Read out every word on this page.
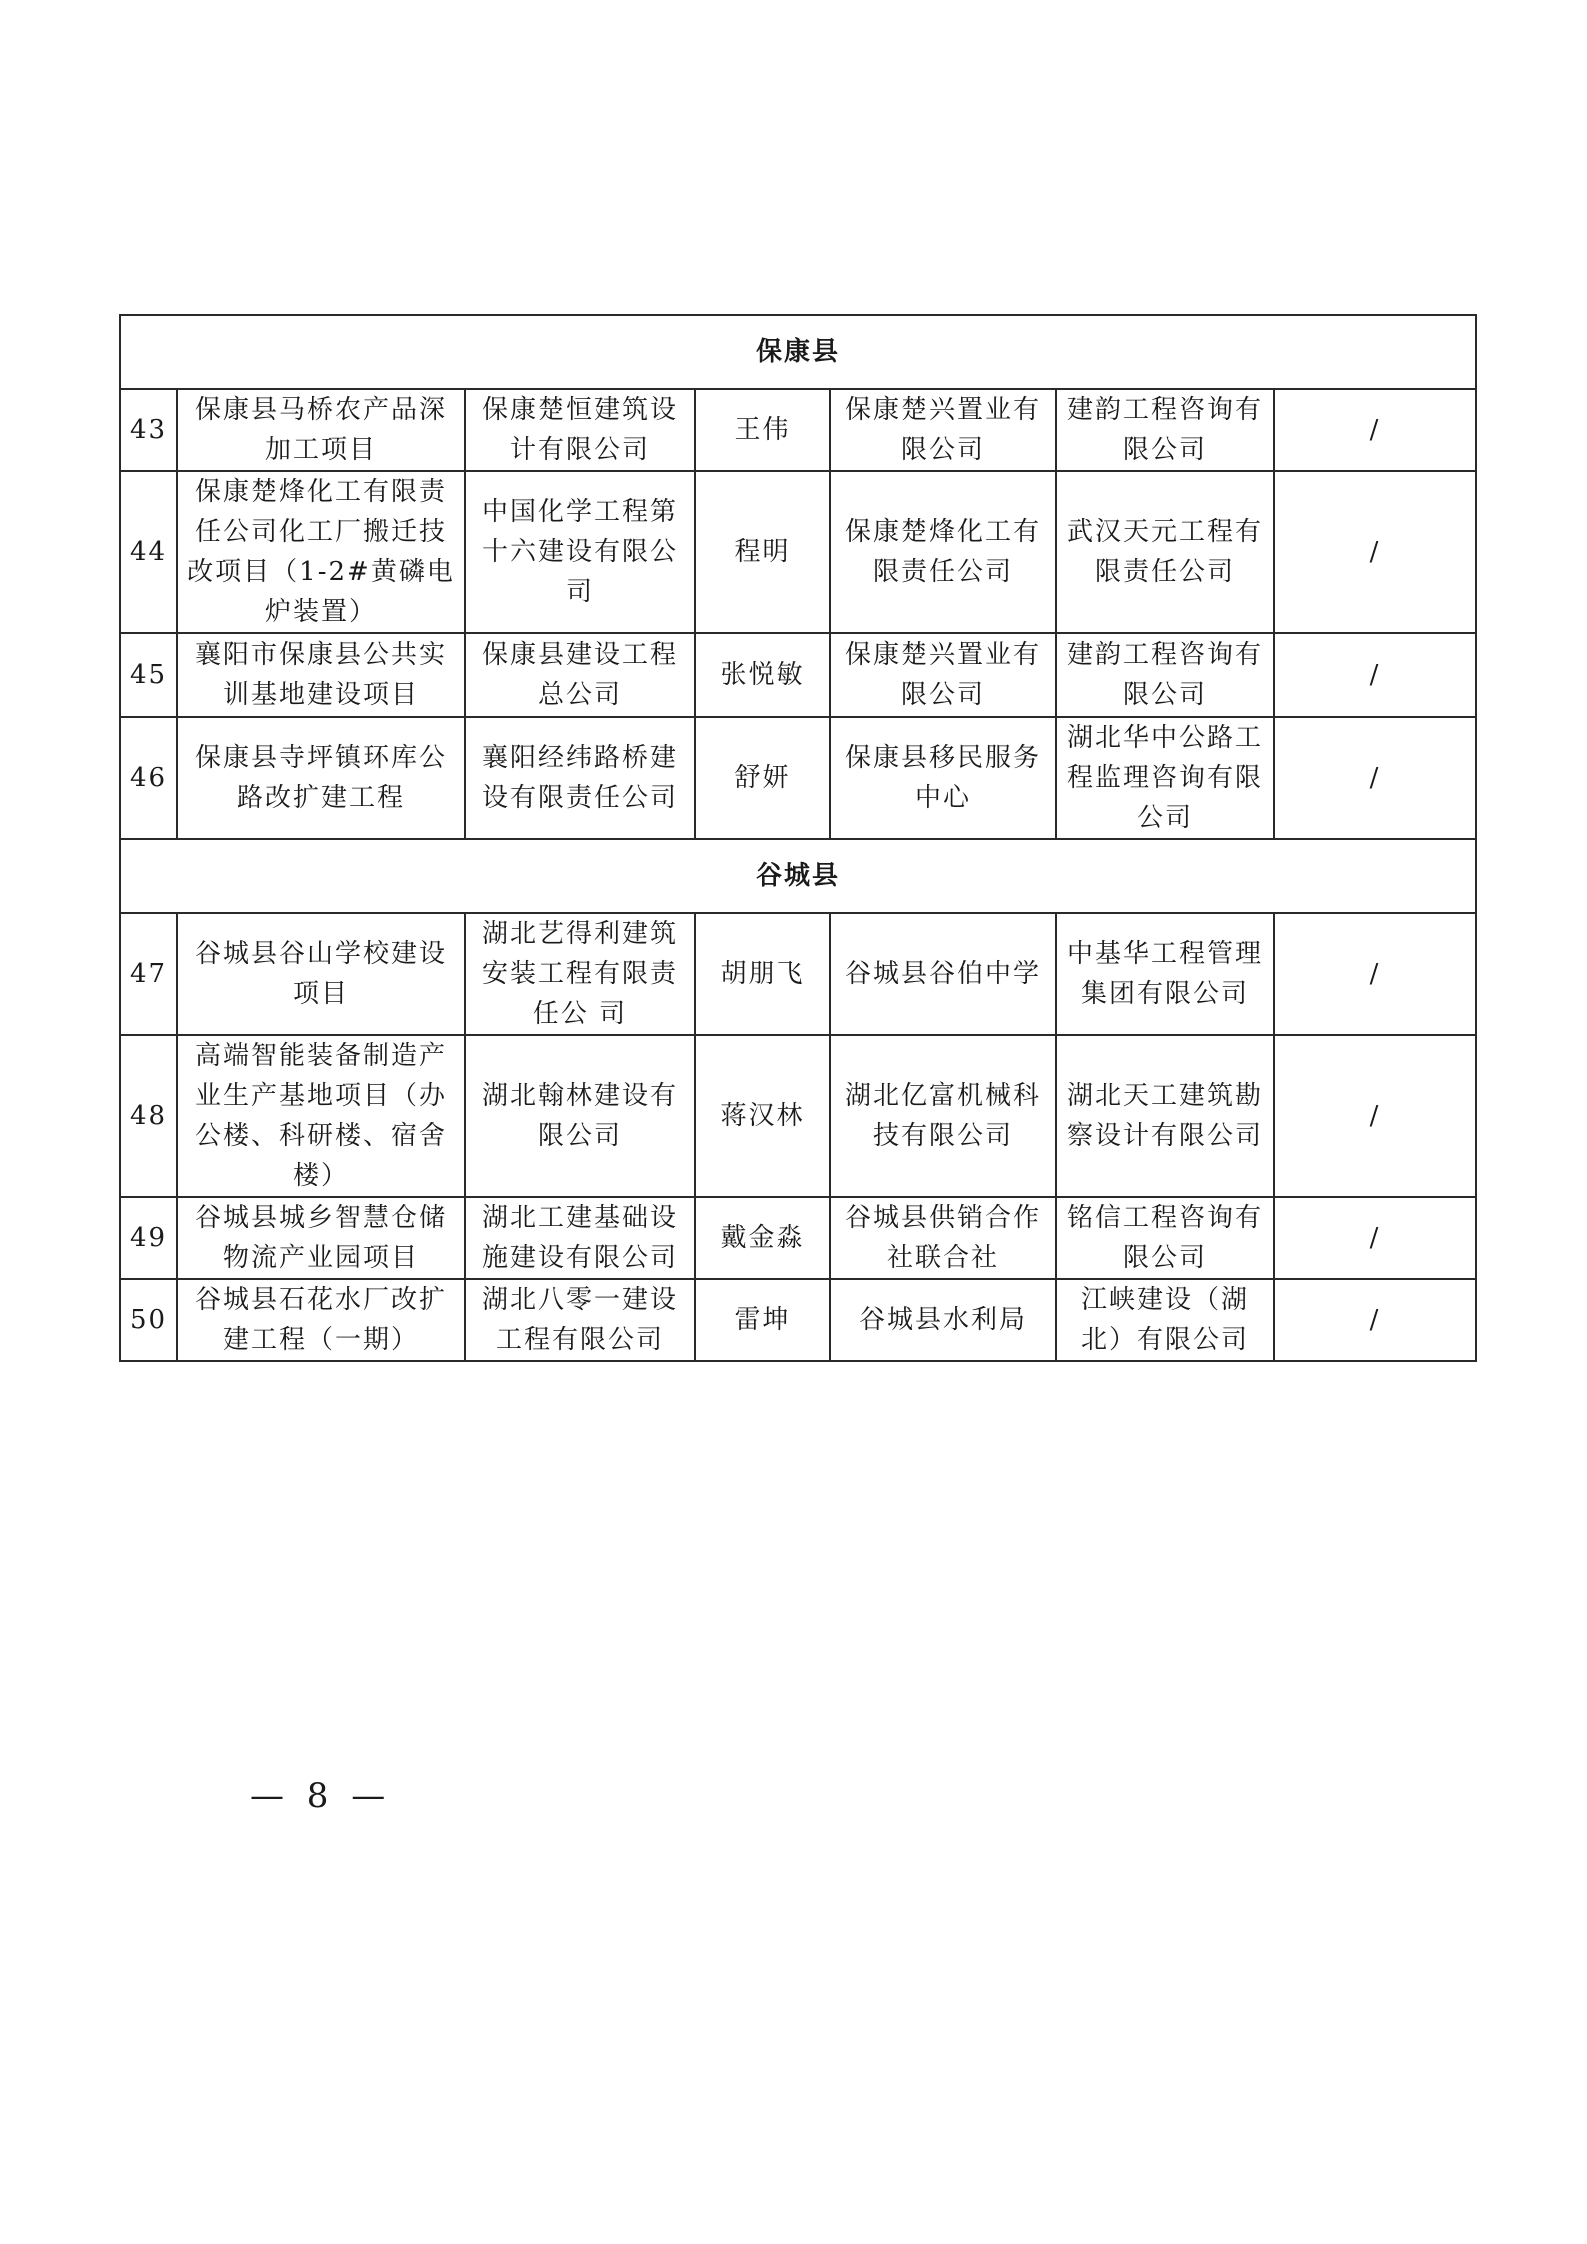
保康县						
43	保康县马桥农产品深加工项目	保康楚恒建筑设计有限公司	王伟	保康楚兴置业有限公司	建韵工程咨询有限公司	/
44	保康楚烽化工有限责任公司化工厂搬迁技改项目（1-2#黄磷电炉装置）	中国化学工程第十六建设有限公司	程明	保康楚烽化工有限责任公司	武汉天元工程有限责任公司	/
45	襄阳市保康县公共实训基地建设项目	保康县建设工程总公司	张悦敏	保康楚兴置业有限公司	建韵工程咨询有限公司	/
46	保康县寺坪镇环库公路改扩建工程	襄阳经纬路桥建设有限责任公司	舒妍	保康县移民服务中心	湖北华中公路工程监理咨询有限公司	/
谷城县						
47	谷城县谷山学校建设项目	湖北艺得利建筑安装工程有限责任公 司	胡朋飞	谷城县谷伯中学	中基华工程管理集团有限公司	/
48	高端智能装备制造产业生产基地项目（办公楼、科研楼、宿舍楼）	湖北翰林建设有限公司	蒋汉林	湖北亿富机械科技有限公司	湖北天工建筑勘察设计有限公司	/
49	谷城县城乡智慧仓储物流产业园项目	湖北工建基础设施建设有限公司	戴金淼	谷城县供销合作社联合社	铭信工程咨询有限公司	/
50	谷城县石花水厂改扩建工程（一期）	湖北八零一建设工程有限公司	雷坤	谷城县水利局	江峡建设（湖北）有限公司	/
— 8 —
